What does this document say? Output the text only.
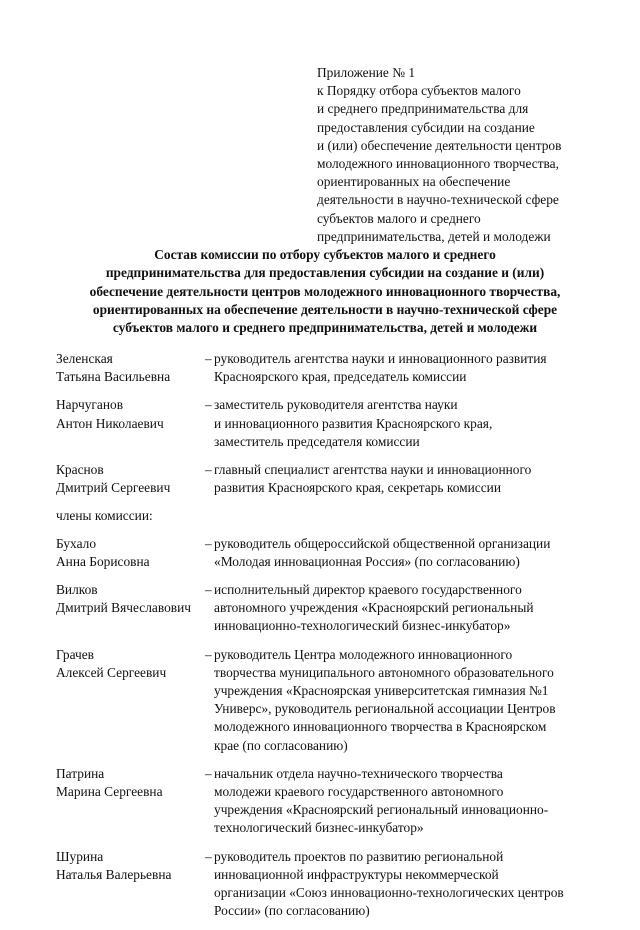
Приложение № 1
к Порядку отбора субъектов малого
и среднего предпринимательства для
предоставления субсидии на создание
и (или) обеспечение деятельности центров
молодежного инновационного творчества,
ориентированных на обеспечение
деятельности в научно-технической сфере
субъектов малого и среднего
предпринимательства, детей и молодежи
Состав комиссии по отбору субъектов малого и среднего
предпринимательства для предоставления субсидии на создание и (или)
обеспечение деятельности центров молодежного инновационного творчества,
ориентированных на обеспечение деятельности в научно-технической сфере
субъектов малого и среднего предпринимательства, детей и молодежи
Зеленская
Татьяна Васильевна
– руководитель агентства науки и инновационного развития
Красноярского края, председатель комиссии
Нарчуганов
Антон Николаевич
– заместитель руководителя агентства науки
и инновационного развития Красноярского края,
заместитель председателя комиссии
Краснов
Дмитрий Сергеевич
– главный специалист агентства науки и инновационного
развития Красноярского края, секретарь комиссии
члены комиссии:
Бухало
Анна Борисовна
– руководитель общероссийской общественной организации
«Молодая инновационная Россия» (по согласованию)
Вилков
Дмитрий Вячеславович
– исполнительный директор краевого государственного
автономного учреждения «Красноярский региональный
инновационно-технологический бизнес-инкубатор»
Грачев
Алексей Сергеевич
– руководитель Центра молодежного инновационного
творчества муниципального автономного образовательного
учреждения «Красноярская университетская гимназия №1
Универс», руководитель региональной ассоциации Центров
молодежного инновационного творчества в Красноярском
крае (по согласованию)
Патрина
Марина Сергеевна
– начальник отдела научно-технического творчества
молодежи краевого государственного автономного
учреждения «Красноярский региональный инновационно-
технологический бизнес-инкубатор»
Шурина
Наталья Валерьевна
– руководитель проектов по развитию региональной
инновационной инфраструктуры некоммерческой
организации «Союз инновационно-технологических центров
России» (по согласованию)
